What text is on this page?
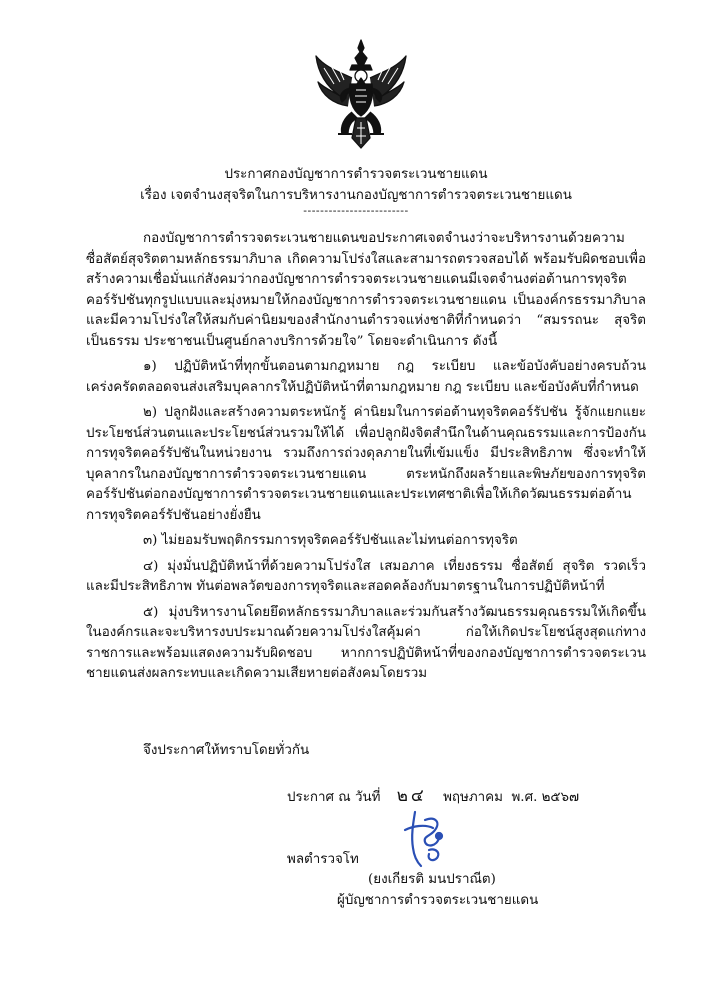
ประกาศกองบัญชาการตำรวจตระเวนชายแดน
เรื่อง เจตจำนงสุจริตในการบริหารงานกองบัญชาการตำรวจตระเวนชายแดน
-------------------------

กองบัญชาการตำรวจตระเวนชายแดนขอประกาศเจตจำนงว่าจะบริหารงานด้วยความซื่อสัตย์สุจริตตามหลักธรรมาภิบาล เกิดความโปร่งใสและสามารถตรวจสอบได้ พร้อมรับผิดชอบเพื่อสร้างความเชื่อมั่นแก่สังคมว่ากองบัญชาการตำรวจตระเวนชายแดนมีเจตจำนงต่อต้านการทุจริตคอร์รัปชันทุกรูปแบบและมุ่งหมายให้กองบัญชาการตำรวจตระเวนชายแดน เป็นองค์กรธรรมาภิบาลและมีความโปร่งใสให้สมกับค่านิยมของสำนักงานตำรวจแห่งชาติที่กำหนดว่า “สมรรถนะ สุจริตเป็นธรรม ประชาชนเป็นศูนย์กลางบริการด้วยใจ” โดยจะดำเนินการ ดังนี้

๑) ปฏิบัติหน้าที่ทุกขั้นตอนตามกฎหมาย กฎ ระเบียบ และข้อบังคับอย่างครบถ้วน เคร่งครัดตลอดจนส่งเสริมบุคลากรให้ปฏิบัติหน้าที่ตามกฎหมาย กฎ ระเบียบ และข้อบังคับที่กำหนด

๒) ปลูกฝังและสร้างความตระหนักรู้ ค่านิยมในการต่อต้านทุจริตคอร์รัปชัน รู้จักแยกแยะประโยชน์ส่วนตนและประโยชน์ส่วนรวมให้ได้ เพื่อปลูกฝังจิตสำนึกในด้านคุณธรรมและการป้องกันการทุจริตคอร์รัปชันในหน่วยงาน รวมถึงการถ่วงดุลภายในที่เข้มแข็ง มีประสิทธิภาพ ซึ่งจะทำให้บุคลากรในกองบัญชาการตำรวจตระเวนชายแดน ตระหนักถึงผลร้ายและพิษภัยของการทุจริตคอร์รัปชันต่อกองบัญชาการตำรวจตระเวนชายแดนและประเทศชาติเพื่อให้เกิดวัฒนธรรมต่อต้านการทุจริตคอร์รัปชันอย่างยั่งยืน

๓) ไม่ยอมรับพฤติกรรมการทุจริตคอร์รัปชันและไม่ทนต่อการทุจริต

๔) มุ่งมั่นปฏิบัติหน้าที่ด้วยความโปร่งใส เสมอภาค เที่ยงธรรม ซื่อสัตย์ สุจริต รวดเร็ว และมีประสิทธิภาพ ทันต่อพลวัตของการทุจริตและสอดคล้องกับมาตรฐานในการปฏิบัติหน้าที่

๕) มุ่งบริหารงานโดยยึดหลักธรรมาภิบาลและร่วมกันสร้างวัฒนธรรมคุณธรรมให้เกิดขึ้นในองค์กรและจะบริหารงบประมาณด้วยความโปร่งใสคุ้มค่า ก่อให้เกิดประโยชน์สูงสุดแก่ทางราชการและพร้อมแสดงความรับผิดชอบ หากการปฏิบัติหน้าที่ของกองบัญชาการตำรวจตระเวนชายแดนส่งผลกระทบและเกิดความเสียหายต่อสังคมโดยรวม

จึงประกาศให้ทราบโดยทั่วกัน
ประกาศ ณ วันที่ ๒๔ พฤษภาคม พ.ศ. ๒๕๖๗
พลตำรวจโท
(ยงเกียรติ มนปราณีต)
ผู้บัญชาการตำรวจตระเวนชายแดน
